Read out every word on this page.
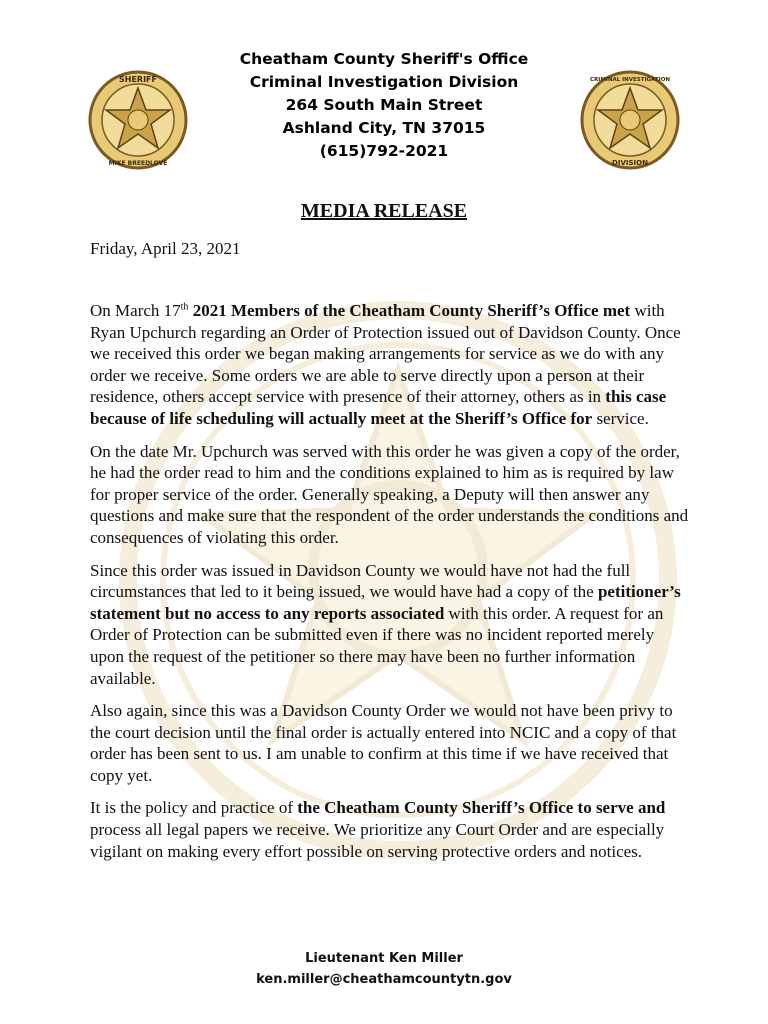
SHERIFF
MIKE BREEDLOVE
CRIMINAL INVESTIGATION
DIVISION
Cheatham County Sheriff's Office
Criminal Investigation Division
264 South Main Street
Ashland City, TN 37015
(615)792-2021
MEDIA RELEASE
Friday, April 23, 2021

On March 17th 2021 Members of the Cheatham County Sheriff’s Office met with Ryan Upchurch regarding an Order of Protection issued out of Davidson County. Once we received this order we began making arrangements for service as we do with any order we receive. Some orders we are able to serve directly upon a person at their residence, others accept service with presence of their attorney, others as in this case because of life scheduling will actually meet at the Sheriff’s Office for service.

On the date Mr. Upchurch was served with this order he was given a copy of the order, he had the order read to him and the conditions explained to him as is required by law for proper service of the order. Generally speaking, a Deputy will then answer any questions and make sure that the respondent of the order understands the conditions and consequences of violating this order.

Since this order was issued in Davidson County we would have not had the full circumstances that led to it being issued, we would have had a copy of the petitioner’s statement but no access to any reports associated with this order. A request for an Order of Protection can be submitted even if there was no incident reported merely upon the request of the petitioner so there may have been no further information available.

Also again, since this was a Davidson County Order we would not have been privy to the court decision until the final order is actually entered into NCIC and a copy of that order has been sent to us. I am unable to confirm at this time if we have received that copy yet.

It is the policy and practice of the Cheatham County Sheriff’s Office to serve and process all legal papers we receive. We prioritize any Court Order and are especially vigilant on making every effort possible on serving protective orders and notices.

Lieutenant Ken Miller
ken.miller@cheathamcountytn.gov
